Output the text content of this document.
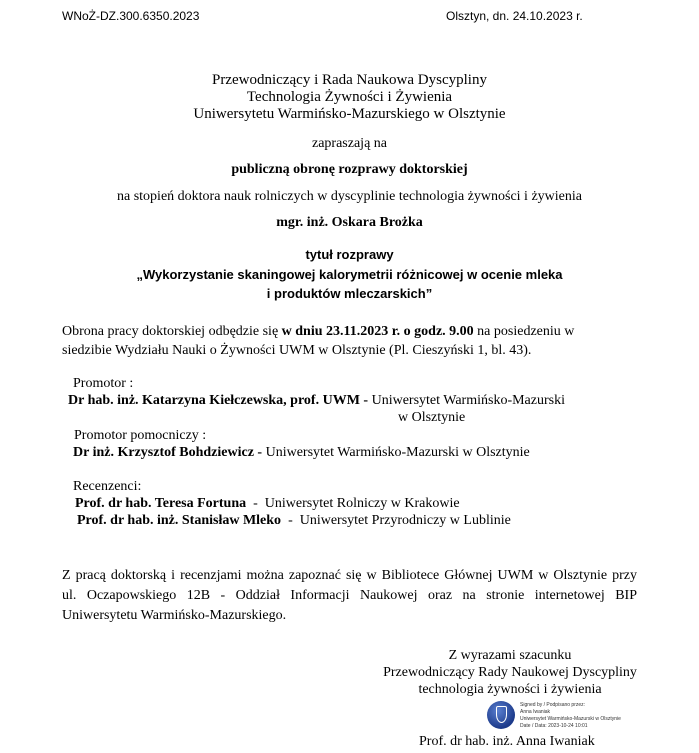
WNoŻ-DZ.300.6350.2023	Olsztyn, dn. 24.10.2023 r.
Przewodniczący i Rada Naukowa Dyscypliny
Technologia Żywności i Żywienia
Uniwersytetu Warmińsko-Mazurskiego w Olsztynie
zapraszają na
publiczną obronę rozprawy doktorskiej
na stopień doktora nauk rolniczych w dyscyplinie technologia żywności i żywienia
mgr. inż. Oskara Brożka
tytuł rozprawy
„Wykorzystanie skaningowej kalorymetrii różnicowej w ocenie mleka
i produktów mleczarskich”
Obrona pracy doktorskiej odbędzie się w dniu 23.11.2023 r. o godz. 9.00 na posiedzeniu w
siedzibie Wydziału Nauki o Żywności UWM w Olsztynie (Pl. Cieszyński 1, bl. 43).
Promotor :
Dr hab. inż. Katarzyna Kiełczewska, prof. UWM - Uniwersytet Warmińsko-Mazurski
w Olsztynie
Promotor pomocniczy :
Dr inż. Krzysztof Bohdziewicz - Uniwersytet Warmińsko-Mazurski w Olsztynie
Recenzenci:
Prof. dr hab. Teresa Fortuna  -  Uniwersytet Rolniczy w Krakowie
Prof. dr hab. inż. Stanisław Mleko  -  Uniwersytet Przyrodniczy w Lublinie
Z pracą doktorską i recenzjami można zapoznać się w Bibliotece Głównej UWM w Olsztynie przy
ul. Oczapowskiego 12B - Oddział Informacji Naukowej oraz na stronie internetowej BIP
Uniwersytetu Warmińsko-Mazurskiego.
Z wyrazami szacunku
Przewodniczący Rady Naukowej Dyscypliny
technologia żywności i żywienia
Signed by / Podpisano przez:
Anna Iwaniak
Uniwersytet Warmińsko-Mazurski w Olsztynie
Date / Data: 2023-10-24 10:01
Prof. dr hab. inż. Anna Iwaniak
